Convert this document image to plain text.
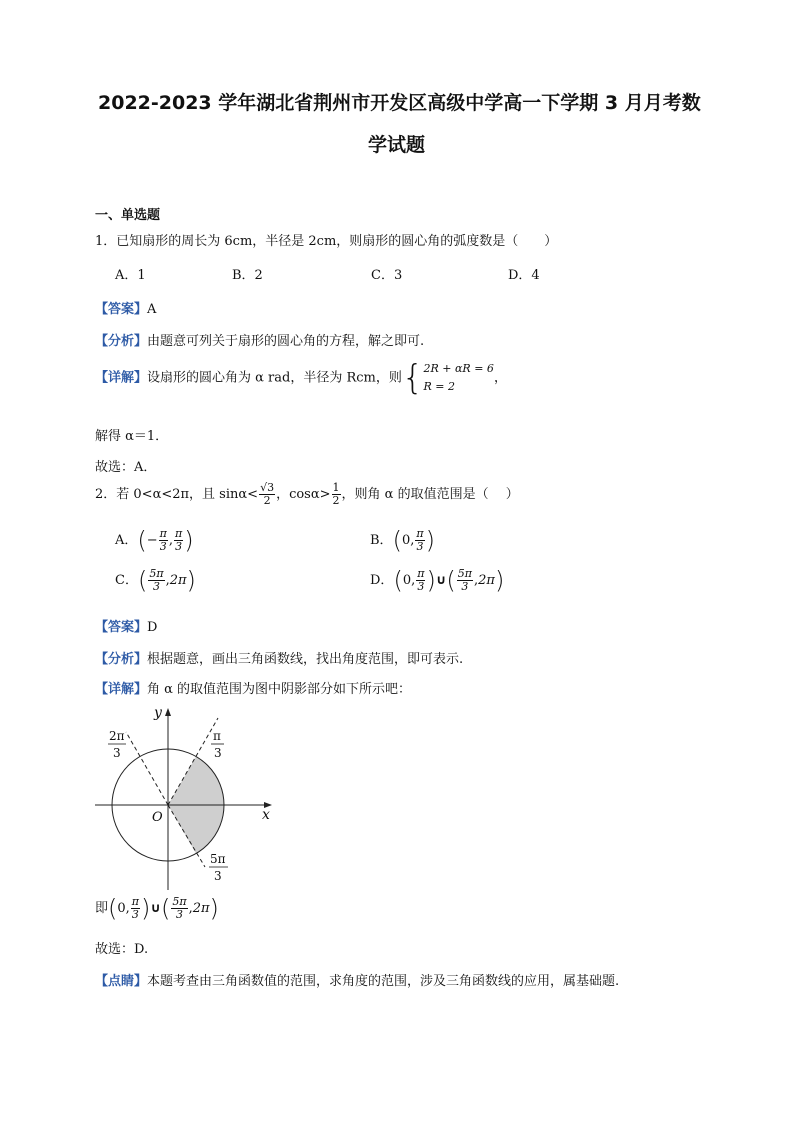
2022-2023 学年湖北省荆州市开发区高级中学高一下学期 3 月月考数
学试题
一、单选题
1．已知扇形的周长为 6cm，半径是 2cm，则扇形的圆心角的弧度数是（　　）
A．1	B．2	C．3	D．4
【答案】A
【分析】由题意可列关于扇形的圆心角的方程，解之即可.
【详解】设扇形的圆心角为 α rad，半径为 Rcm，则{ 2R + αR = 6
R = 2
，
解得 α＝1．
故选：A．
2．若 0<α<2π，且 $\sin\alpha< \frac{√3}{2}$ ，$\cos\alpha> \frac{1}{2}$ ，则角 α 的取值范围是（　 ）
A．(− $\frac{\pi}{3}$ , $\frac{\pi}{3}$ )	B．(0, $\frac{\pi}{3}$ )
C．( $\frac{5\pi}{3} ,2\pi$)	D．(0, $\frac{\pi}{3}$ )∪( $\frac{5\pi}{3} ,2\pi$)
【答案】D
【分析】根据题意，画出三角函数线，找出角度范围，即可表示.
【详解】角 α 的取值范围为图中阴影部分如下所示吧：
y
x
O
2π
3
π
3
5π
3
即(0, $\frac{\pi}{3}$ )∪( $\frac{5\pi}{3} ,2\pi$)
故选：D.
【点睛】本题考查由三角函数值的范围，求角度的范围，涉及三角函数线的应用，属基础题.
